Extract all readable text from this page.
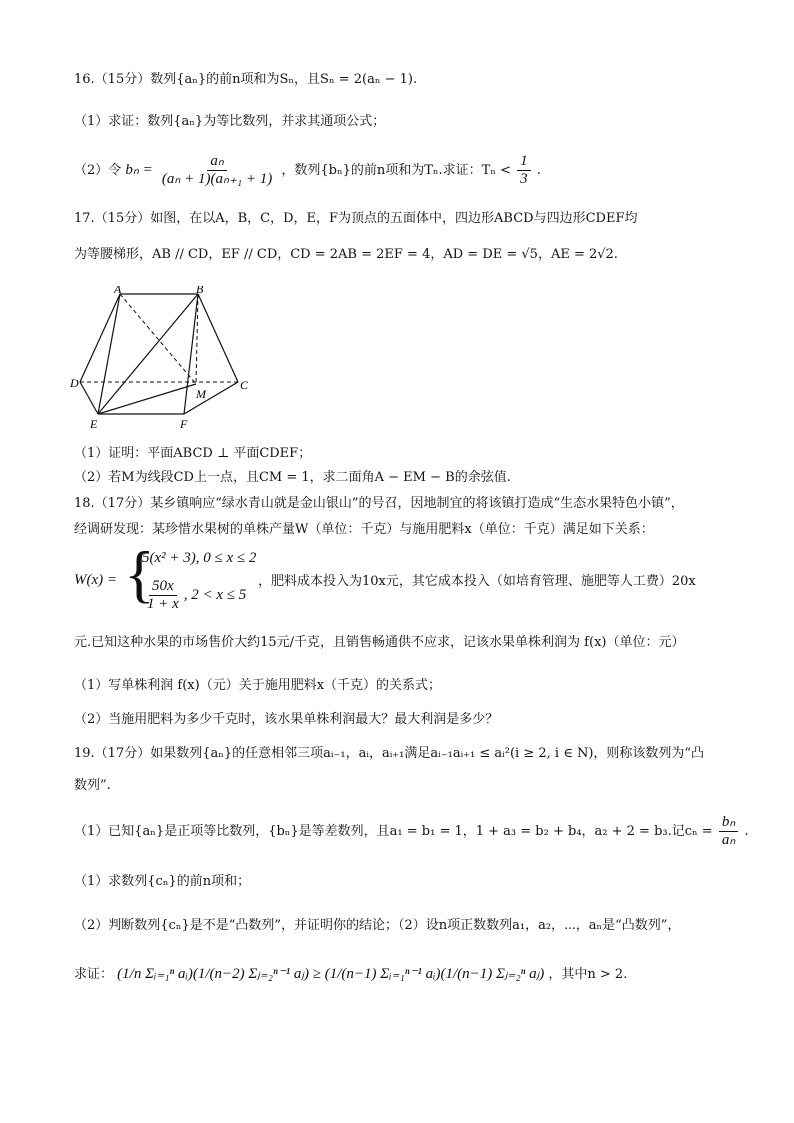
16.（15分）数列{aₙ}的前n项和为Sₙ，且Sₙ = 2(aₙ − 1).
（1）求证：数列{aₙ}为等比数列，并求其通项公式；
（2）令 $b_n = \frac{\text{aₙ}}{\text{(aₙ + 1)(aₙ₊₁ + 1)}}$ ，数列{bₙ}的前n项和为Tₙ.求证：$T_n < \frac{1}{3}$ .
17.（15分）如图，在以A，B，C，D，E，F为顶点的五面体中，四边形ABCD与四边形CDEF均
为等腰梯形，AB // CD，EF // CD，CD = 2AB = 2EF = 4，AD = DE = √5，AE = 2√2.
A	B
C
D
E	F
M
（1）证明：平面ABCD ⊥ 平面CDEF；
（2）若M为线段CD上一点，且CM = 1，求二面角A − EM − B的余弦值.
18.（17分）某乡镇响应“绿水青山就是金山银山”的号召，因地制宜的将该镇打造成“生态水果特色小镇”，
经调研发现：某珍惜水果树的单株产量W（单位：千克）与施用肥料x（单位：千克）满足如下关系：
W(x) = {
5(x² + 3), 0 ≤ x ≤ 2
$\frac{50x}{1 + x}$ , 2 < x ≤ 5
，肥料成本投入为10x元，其它成本投入（如培育管理、施肥等人工费）20x
元.已知这种水果的市场售价大约15元/千克，且销售畅通供不应求，记该水果单株利润为 f(x)（单位：元）
（1）写单株利润 f(x)（元）关于施用肥料x（千克）的关系式；
（2）当施用肥料为多少千克时，该水果单株利润最大？最大利润是多少？
19.（17分）如果数列{aₙ}的任意相邻三项aᵢ₋₁，aᵢ，aᵢ₊₁满足aᵢ₋₁aᵢ₊₁ ≤ aᵢ²(i ≥ 2, i ∈ N)，则称该数列为“凸
数列”.
（1）已知{aₙ}是正项等比数列，{bₙ}是等差数列，且a₁ = b₁ = 1，1 + a₃ = b₂ + b₄，a₂ + 2 = b₃.记$c_n = \frac{\text{bₙ}}{\text{aₙ}}$ .
（1）求数列{cₙ}的前n项和；
（2）判断数列{cₙ}是不是“凸数列”，并证明你的结论；（2）设n项正数数列a₁，a₂，⋯，aₙ是“凸数列”，
求证： (1/n Σᵢ₌₁ⁿ aᵢ)(1/(n−2) Σⱼ₌₂ⁿ⁻¹ aⱼ) ≥ (1/(n−1) Σᵢ₌₁ⁿ⁻¹ aᵢ)(1/(n−1) Σⱼ₌₂ⁿ aⱼ) ，其中n > 2.
